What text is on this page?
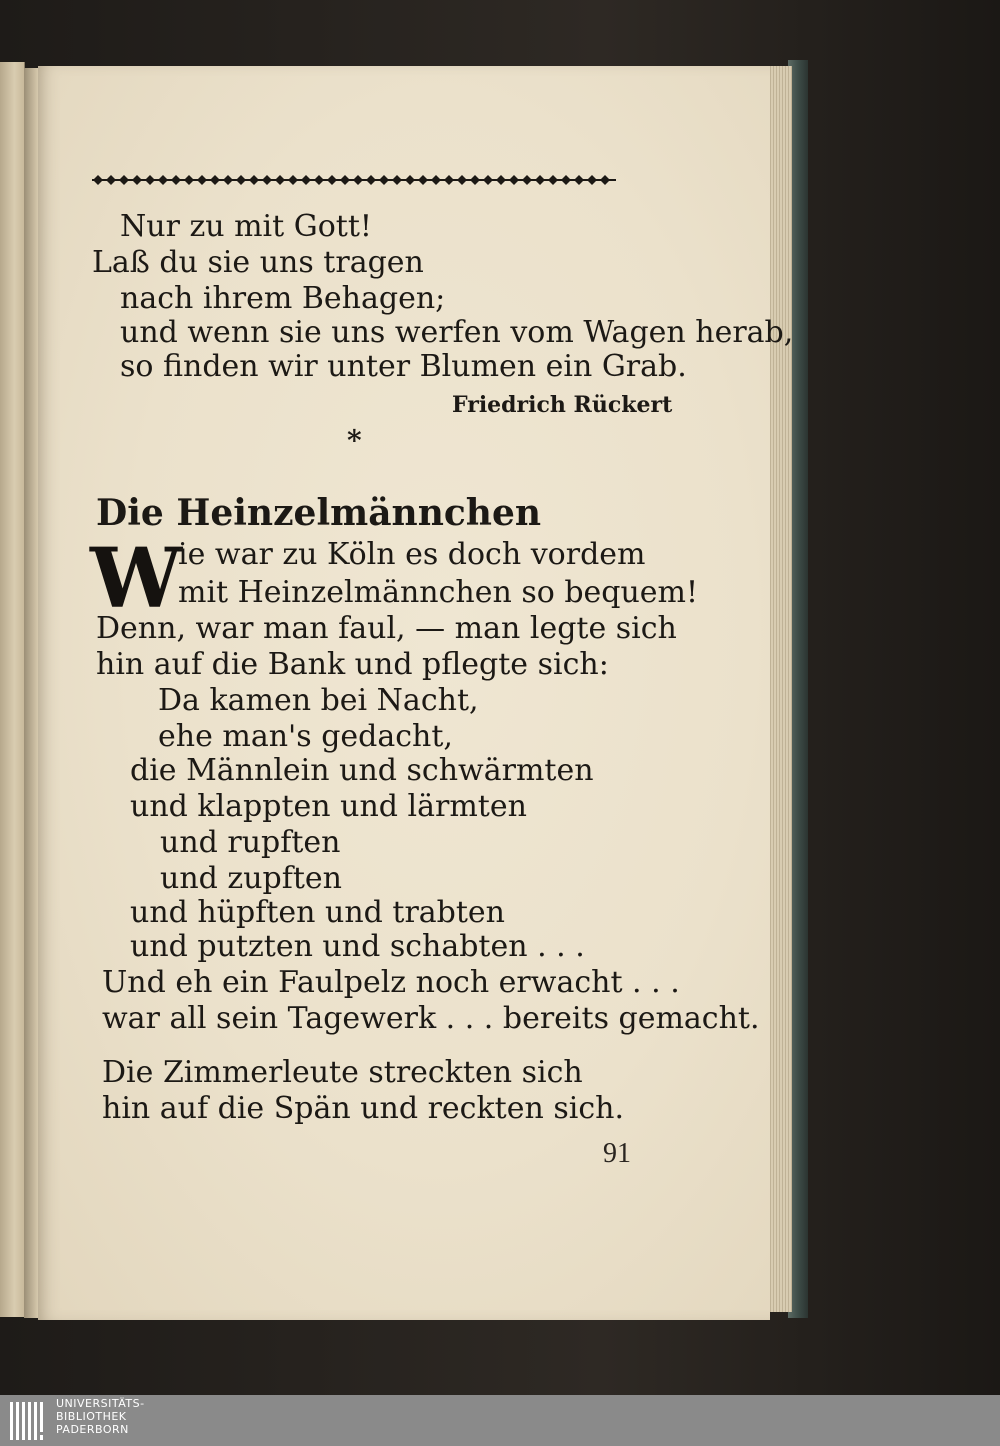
Nur zu mit Gott!
Laß du sie uns tragen
nach ihrem Behagen;
und wenn sie uns werfen vom Wagen herab,
so finden wir unter Blumen ein Grab.
Friedrich Rückert
*
Die Heinzelmännchen
W
ie war zu Köln es doch vordem
mit Heinzelmännchen so bequem!
Denn, war man faul, — man legte sich
hin auf die Bank und pflegte sich:
Da kamen bei Nacht,
ehe man's gedacht,
die Männlein und schwärmten
und klappten und lärmten
und rupften
und zupften
und hüpften und trabten
und putzten und schabten . . .
Und eh ein Faulpelz noch erwacht . . .
war all sein Tagewerk . . . bereits gemacht.
Die Zimmerleute streckten sich
hin auf die Spän und reckten sich.
91
UNIVERSITÄTS-
BIBLIOTHEK
PADERBORN
